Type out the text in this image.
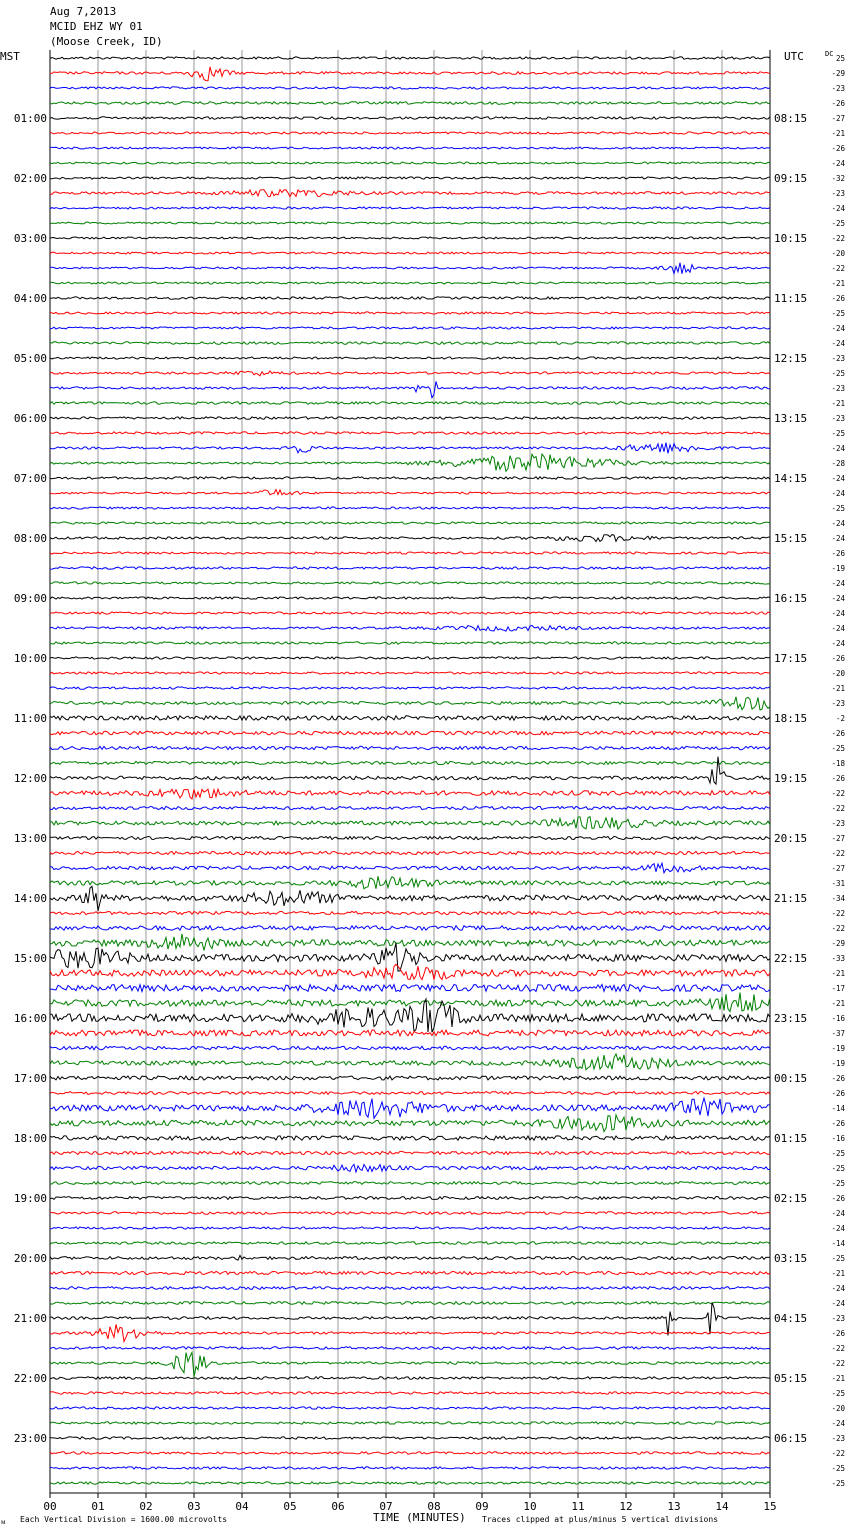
Aug 7,2013
MCID EHZ WY 01
(Moose Creek, ID)
MST	UTC
00	01	02	03	04	05	06	07	08	09	10	11	12	13	14	15
25
-29
-23
-26
-27
-21
-26
-24
-32
-23
-24
-25
-22
-20
-22
-21
-26
-25
-24
-24
-23
-25
-23
-21
-23
-25
-24
-28
-24
-24
-25
-24
-24
-26
-19
-24
-24
-24
-24
-24
-26
-20
-21
-23
-2
-26
-25
-18
-26
-22
-22
-23
-27
-22
-27
-31
-34
-22
-22
-29
-33
-21
-17
-21
-16
-37
-19
-19
-26
-26
-14
-26
-16
-25
-25
-25
-26
-24
-24
-14
-25
-21
-24
-24
-23
-26
-22
-22
-21
-25
-20
-24
-23
-22
-25
-25
DC
01:00
02:00
03:00
04:00
05:00
06:00
07:00
08:00
09:00
10:00
11:00
12:00
13:00
14:00
15:00
16:00
17:00
18:00
19:00
20:00
21:00
22:00
23:00
08:15
09:15
10:15
11:15
12:15
13:15
14:15
15:15
16:15
17:15
18:15
19:15
20:15
21:15
22:15
23:15
00:15
01:15
02:15
03:15
04:15
05:15
06:15
ᴍ Each Vertical Division = 1600.00 microvolts	TIME (MINUTES) Traces clipped at plus/minus 5 vertical divisions
